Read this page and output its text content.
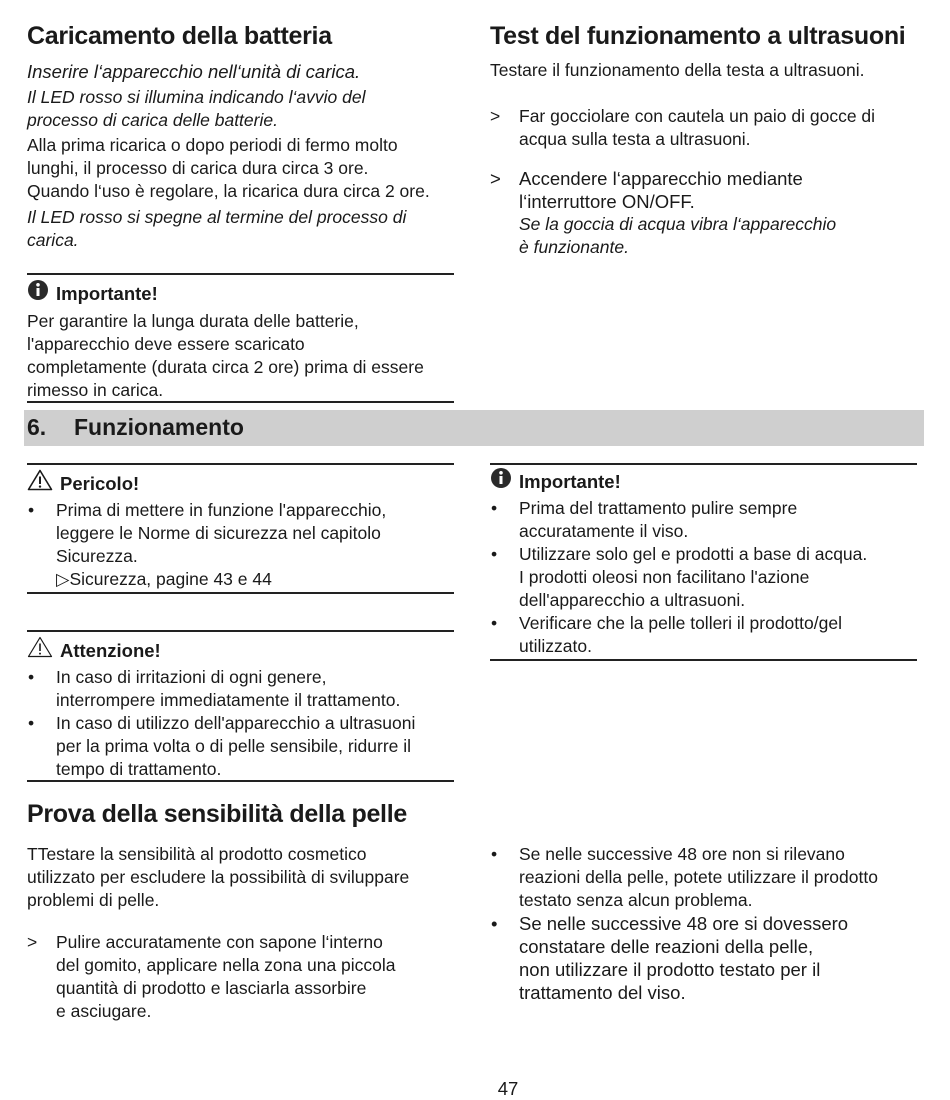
Caricamento della batteria
Inserire l‘apparecchio nell‘unità di carica.
Il LED rosso si illumina indicando l‘avvio del
processo di carica delle batterie.
Alla prima ricarica o dopo periodi di fermo molto
lunghi, il processo di carica dura circa 3 ore.
Quando l‘uso è regolare, la ricarica dura circa 2 ore.
Il LED rosso si spegne al termine del processo di
carica.
Importante!
Per garantire la lunga durata delle batterie,
l'apparecchio deve essere scaricato
completamente (durata circa 2 ore) prima di essere
rimesso in carica.
Test del funzionamento a ultrasuoni
Testare il funzionamento della testa a ultrasuoni.
> Far gocciolare con cautela un paio di gocce di
acqua sulla testa a ultrasuoni.
> Accendere l‘apparecchio mediante
l‘interruttore ON/OFF.
Se la goccia di acqua vibra l‘apparecchio
è funzionante.
6. Funzionamento
Pericolo!
• Prima di mettere in funzione l'apparecchio,
leggere le Norme di sicurezza nel capitolo
Sicurezza.
▷Sicurezza, pagine 43 e 44
Attenzione!
• In caso di irritazioni di ogni genere,
interrompere immediatamente il trattamento.
• In caso di utilizzo dell'apparecchio a ultrasuoni
per la prima volta o di pelle sensibile, ridurre il
tempo di trattamento.
Importante!
• Prima del trattamento pulire sempre
accuratamente il viso.
• Utilizzare solo gel e prodotti a base di acqua.
I prodotti oleosi non facilitano l'azione
dell'apparecchio a ultrasuoni.
• Verificare che la pelle tolleri il prodotto/gel
utilizzato.
Prova della sensibilità della pelle
TTestare la sensibilità al prodotto cosmetico
utilizzato per escludere la possibilità di sviluppare
problemi di pelle.
> Pulire accuratamente con sapone l‘interno
del gomito, applicare nella zona una piccola
quantità di prodotto e lasciarla assorbire
e asciugare.
• Se nelle successive 48 ore non si rilevano
reazioni della pelle, potete utilizzare il prodotto
testato senza alcun problema.
• Se nelle successive 48 ore si dovessero
constatare delle reazioni della pelle,
non utilizzare il prodotto testato per il
trattamento del viso.
47
